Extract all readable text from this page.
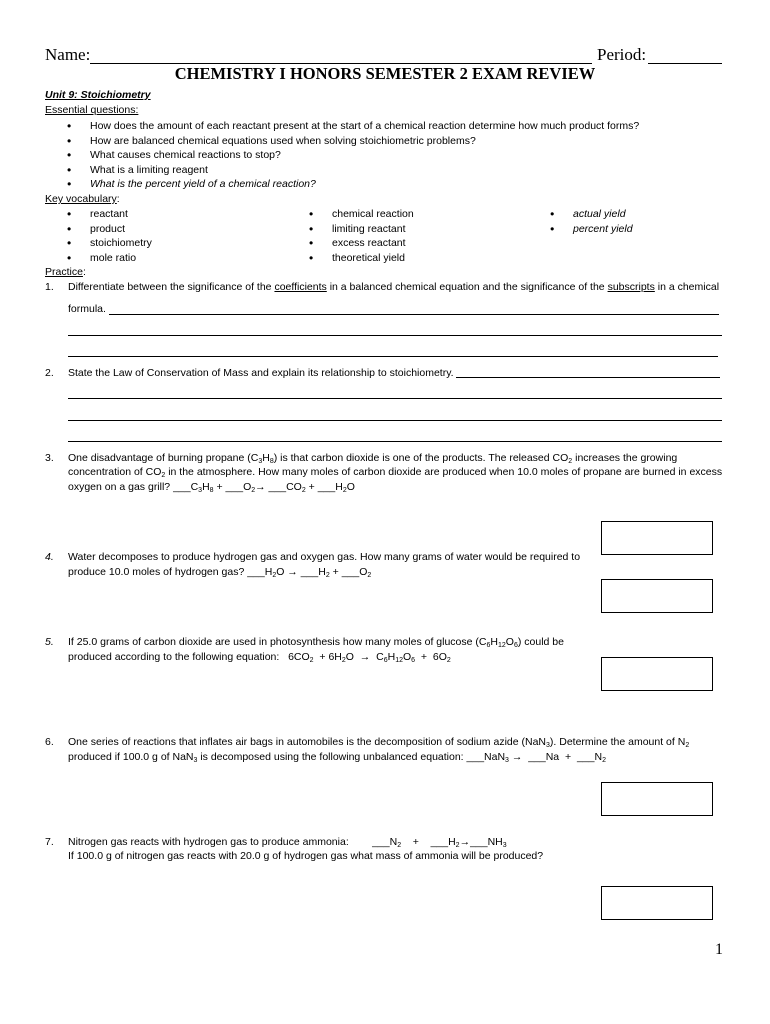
Name:	Period:
CHEMISTRY I HONORS SEMESTER 2 EXAM REVIEW
Unit 9: Stoichiometry
Essential questions:
• How does the amount of each reactant present at the start of a chemical reaction determine how much product forms?
• How are balanced chemical equations used when solving stoichiometric problems?
• What causes chemical reactions to stop?
• What is a limiting reagent
• What is the percent yield of a chemical reaction?
Key vocabulary:
• reactant
• product
• stoichiometry
• mole ratio
• chemical reaction
• limiting reactant
• excess reactant
• theoretical yield
• actual yield
• percent yield
Practice:
1. Differentiate between the significance of the coefficients in a balanced chemical equation and the significance of the subscripts in a chemical
formula.
2. State the Law of Conservation of Mass and explain its relationship to stoichiometry.
3. One disadvantage of burning propane $(C_3H_8)$ is that carbon dioxide is one of the products. The released $CO_2$ increases the growing
concentration of $CO_2$ in the atmosphere. How many moles of carbon dioxide are produced when 10.0 moles of propane are burned in excess
oxygen on a gas grill? $\_\_\_C_3H_8$ + $\_\_\_O_2\to$ $\_\_\_CO_2$ + $\_\_\_H_2O$
4. Water decomposes to produce hydrogen gas and oxygen gas. How many grams of water would be required to
produce 10.0 moles of hydrogen gas? $\_\_\_H_2O$ → $\_\_\_H_2$ + $\_\_\_O_2$
5. If 25.0 grams of carbon dioxide are used in photosynthesis how many moles of glucose $(C_6H_{12}O_6)$ could be
produced according to the following equation:   $6CO_2 + 6H_2O \to C_6H_{12}O_6 + 6O_2$
6. One series of reactions that inflates air bags in automobiles is the decomposition of sodium azide (NaN$_3$). Determine the amount of $N_2$
produced if 100.0 g of NaN$_3$ is decomposed using the following unbalanced equation: ___NaN$_3$ →  ___Na  +  $\_\_\_N_2$
7. Nitrogen gas reacts with hydrogen gas to produce ammonia:        $\_\_\_N_2$    +    $\_\_\_H_2\to\_\_\_NH_3$
If 100.0 g of nitrogen gas reacts with 20.0 g of hydrogen gas what mass of ammonia will be produced?
1
